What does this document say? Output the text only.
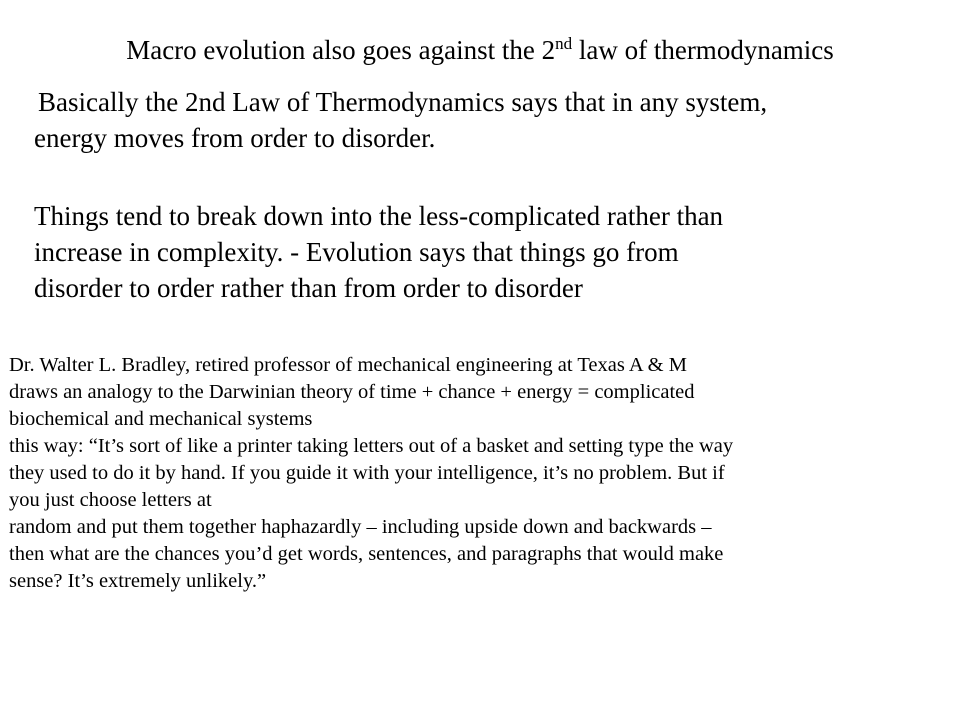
Macro evolution also goes against the 2nd law of thermodynamics
Basically the 2nd Law of Thermodynamics says that in any system,
energy moves from order to disorder.
Things tend to break down into the less-complicated rather than
increase in complexity. - Evolution says that things go from
disorder to order rather than from order to disorder
Dr. Walter L. Bradley, retired professor of mechanical engineering at Texas A & M
draws an analogy to the Darwinian theory of time + chance + energy = complicated
biochemical and mechanical systems
this way: “It’s sort of like a printer taking letters out of a basket and setting type the way
they used to do it by hand. If you guide it with your intelligence, it’s no problem. But if
you just choose letters at
random and put them together haphazardly – including upside down and backwards –
then what are the chances you’d get words, sentences, and paragraphs that would make
sense? It’s extremely unlikely.”
